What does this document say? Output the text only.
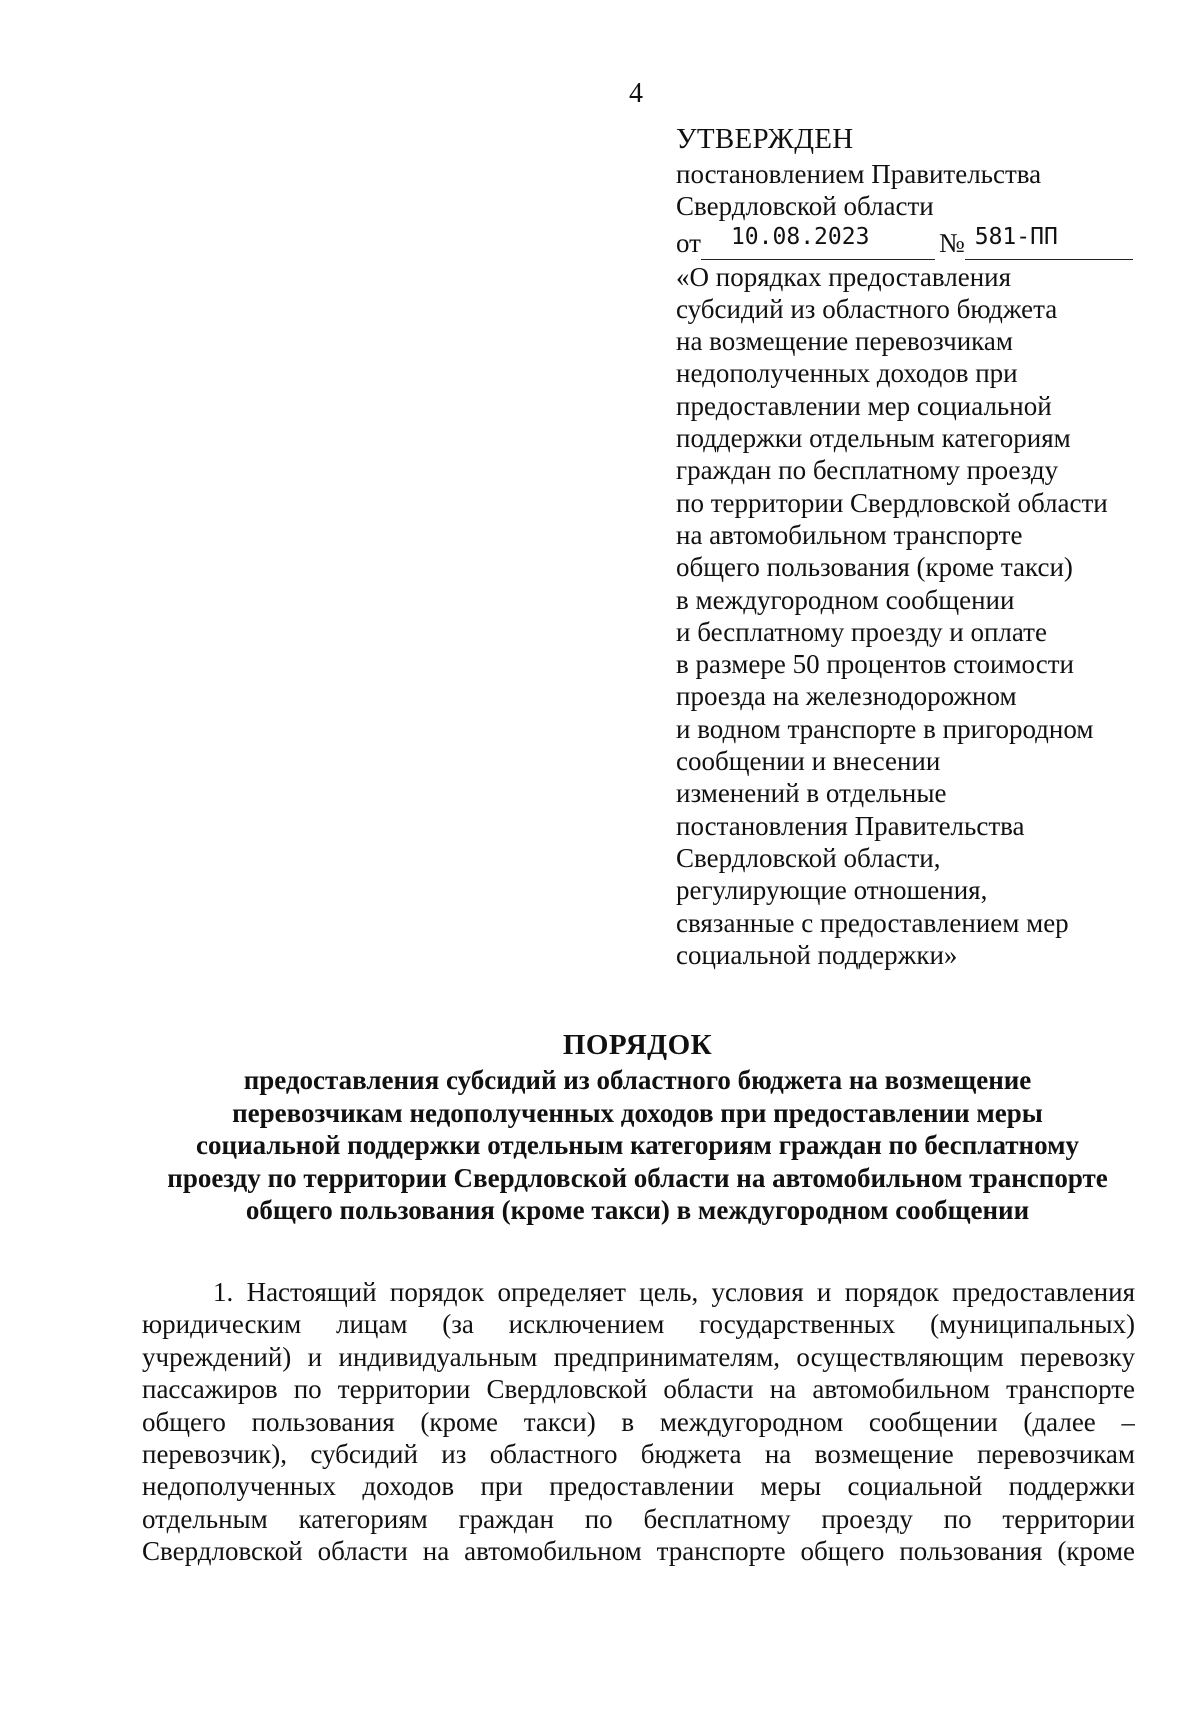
4

УТВЕРЖДЕН
постановлением Правительства
Свердловской области
от 10.08.2023	№ 581-ПП
«О порядках предоставления
субсидий из областного бюджета
на возмещение перевозчикам
недополученных доходов при
предоставлении мер социальной
поддержки отдельным категориям
граждан по бесплатному проезду
по территории Свердловской области
на автомобильном транспорте
общего пользования (кроме такси)
в междугородном сообщении
и бесплатному проезду и оплате
в размере 50 процентов стоимости
проезда на железнодорожном
и водном транспорте в пригородном
сообщении и внесении
изменений в отдельные
постановления Правительства
Свердловской области,
регулирующие отношения,
связанные с предоставлением мер
социальной поддержки»
ПОРЯДОК
предоставления субсидий из областного бюджета на возмещение
перевозчикам недополученных доходов при предоставлении меры
социальной поддержки отдельным категориям граждан по бесплатному
проезду по территории Свердловской области на автомобильном транспорте
общего пользования (кроме такси) в междугородном сообщении
1. Настоящий порядок определяет цель, условия и порядок предоставления
юридическим лицам (за исключением государственных (муниципальных)
учреждений) и индивидуальным предпринимателям, осуществляющим перевозку
пассажиров по территории Свердловской области на автомобильном транспорте
общего пользования (кроме такси) в междугородном сообщении (далее –
перевозчик), субсидий из областного бюджета на возмещение перевозчикам
недополученных доходов при предоставлении меры социальной поддержки
отдельным категориям граждан по бесплатному проезду по территории
Свердловской области на автомобильном транспорте общего пользования (кроме
